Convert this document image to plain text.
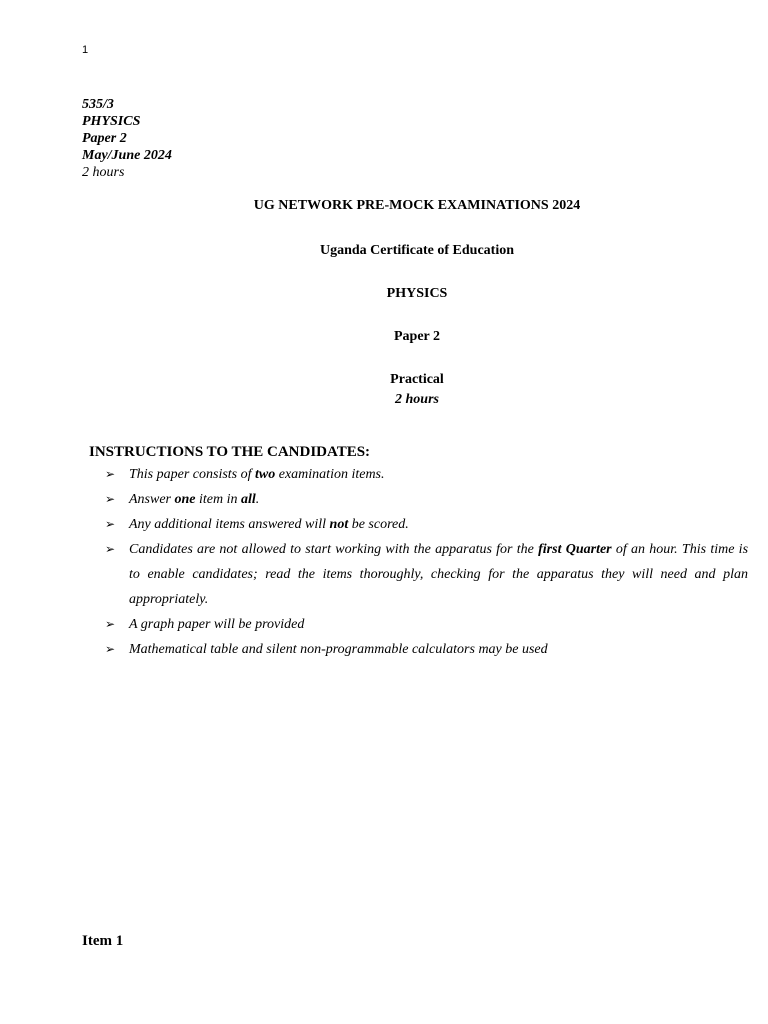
1
535/3
PHYSICS
Paper 2
May/June 2024
2 hours
UG NETWORK PRE-MOCK EXAMINATIONS 2024
Uganda Certificate of Education
PHYSICS
Paper 2
Practical
2 hours
INSTRUCTIONS TO THE CANDIDATES:
➢ This paper consists of two examination items.
➢ Answer one item in all.
➢ Any additional items answered will not be scored.
➢ Candidates are not allowed to start working with the apparatus for the first Quarter of an hour. This time is to enable candidates; read the items thoroughly, checking for the apparatus they will need and plan appropriately.
➢ A graph paper will be provided
➢ Mathematical table and silent non-programmable calculators may be used
Item 1
